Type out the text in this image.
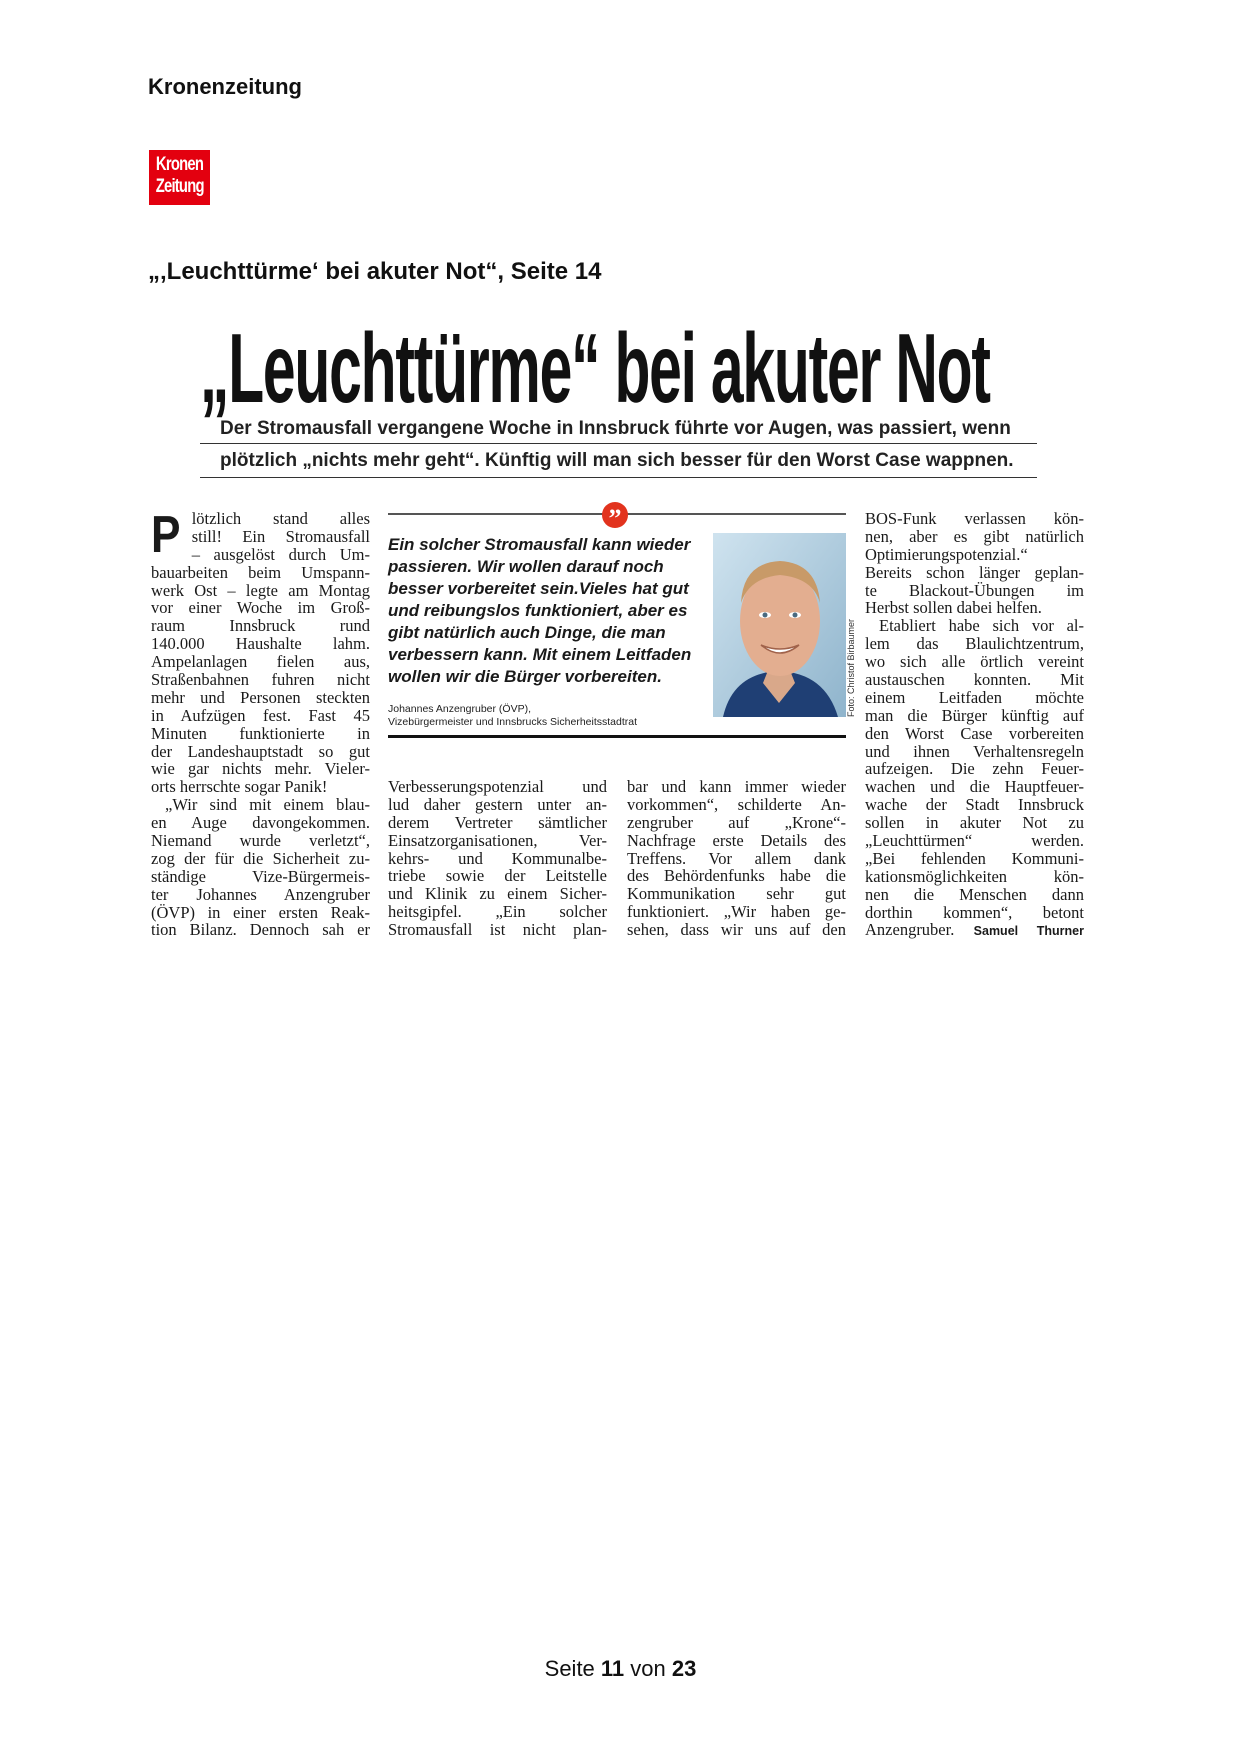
Kronenzeitung
Kronen
Zeitung
„‚Leuchttürme‘ bei akuter Not“, Seite 14
„Leuchttürme“ bei akuter Not
Der Stromausfall vergangene Woche in Innsbruck führte vor Augen, was passiert, wenn
plötzlich „nichts mehr geht“. Künftig will man sich besser für den Worst Case wappnen.
P lötzlich stand alles
still! Ein Stromausfall
– ausgelöst durch Um-
bauarbeiten beim Umspann-
werk Ost – legte am Montag
vor einer Woche im Groß-
raum Innsbruck rund
140.000 Haushalte lahm.
Ampelanlagen fielen aus,
Straßenbahnen fuhren nicht
mehr und Personen steckten
in Aufzügen fest. Fast 45
Minuten funktionierte in
der Landeshauptstadt so gut
wie gar nichts mehr. Vieler-
orts herrschte sogar Panik!
„Wir sind mit einem blau-
en Auge davongekommen.
Niemand wurde verletzt“,
zog der für die Sicherheit zu-
ständige Vize-Bürgermeis-
ter Johannes Anzengruber
(ÖVP) in einer ersten Reak-
tion Bilanz. Dennoch sah er
Verbesserungspotenzial und
lud daher gestern unter an-
derem Vertreter sämtlicher
Einsatzorganisationen, Ver-
kehrs- und Kommunalbe-
triebe sowie der Leitstelle
und Klinik zu einem Sicher-
heitsgipfel. „Ein solcher
Stromausfall ist nicht plan-
bar und kann immer wieder
vorkommen“, schilderte An-
zengruber auf „Krone“-
Nachfrage erste Details des
Treffens. Vor allem dank
des Behördenfunks habe die
Kommunikation sehr gut
funktioniert. „Wir haben ge-
sehen, dass wir uns auf den
BOS-Funk verlassen kön-
nen, aber es gibt natürlich
Optimierungspotenzial.“
Bereits schon länger geplan-
te Blackout-Übungen im
Herbst sollen dabei helfen.
Etabliert habe sich vor al-
lem das Blaulichtzentrum,
wo sich alle örtlich vereint
austauschen konnten. Mit
einem Leitfaden möchte
man die Bürger künftig auf
den Worst Case vorbereiten
und ihnen Verhaltensregeln
aufzeigen. Die zehn Feuer-
wachen und die Hauptfeuer-
wache der Stadt Innsbruck
sollen in akuter Not zu
„Leuchttürmen“ werden.
„Bei fehlenden Kommuni-
kationsmöglichkeiten kön-
nen die Menschen dann
dorthin kommen“, betont
Anzengruber. Samuel Thurner
”
Ein solcher Stromausfall kann wieder passieren. Wir wollen darauf noch besser vorbereitet sein.Vieles hat gut und reibungslos funktioniert, aber es gibt natürlich auch Dinge, die man verbessern kann. Mit einem Leitfaden wollen wir die Bürger vorbereiten.
Johannes Anzengruber (ÖVP),
Vizebürgermeister und Innsbrucks Sicherheitsstadtrat
Foto: Christof Birbaumer
Seite 11 von 23
